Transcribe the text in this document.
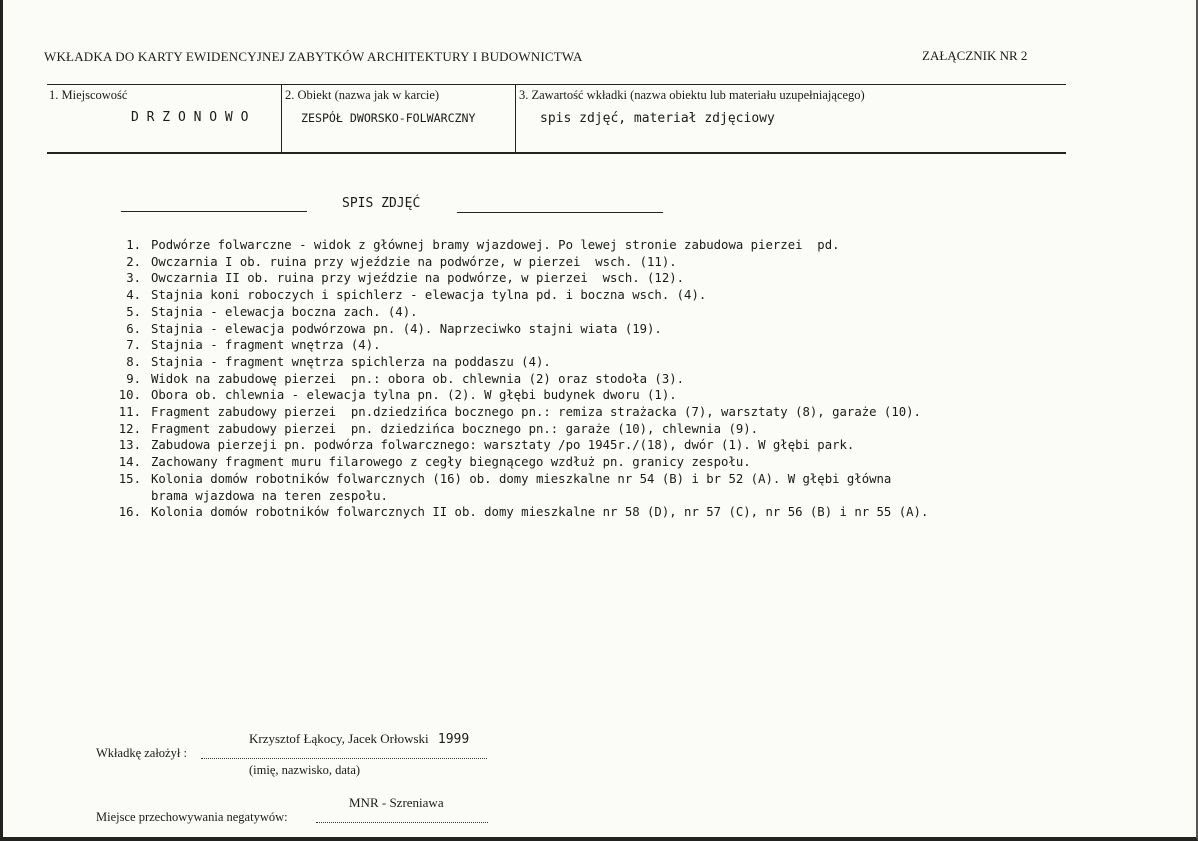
WKŁADKA DO KARTY EWIDENCYJNEJ ZABYTKÓW ARCHITEKTURY I BUDOWNICTWA	ZAŁĄCZNIK NR 2
1. Miejscowość
D R Z O N O W O
2. Obiekt (nazwa jak w karcie)
ZESPÓŁ DWORSKO-FOLWARCZNY
3. Zawartość wkładki (nazwa obiektu lub materiału uzupełniającego)
spis zdjęć, materiał zdjęciowy
SPIS ZDJĘĆ
1. Podwórze folwarczne - widok z głównej bramy wjazdowej. Po lewej stronie zabudowa pierzei  pd.
2. Owczarnia I ob. ruina przy wjeździe na podwórze, w pierzei  wsch. (11).
3. Owczarnia II ob. ruina przy wjeździe na podwórze, w pierzei  wsch. (12).
4. Stajnia koni roboczych i spichlerz - elewacja tylna pd. i boczna wsch. (4).
5. Stajnia - elewacja boczna zach. (4).
6. Stajnia - elewacja podwórzowa pn. (4). Naprzeciwko stajni wiata (19).
7. Stajnia - fragment wnętrza (4).
8. Stajnia - fragment wnętrza spichlerza na poddaszu (4).
9. Widok na zabudowę pierzei  pn.: obora ob. chlewnia (2) oraz stodoła (3).
10. Obora ob. chlewnia - elewacja tylna pn. (2). W głębi budynek dworu (1).
11. Fragment zabudowy pierzei  pn.dziedzińca bocznego pn.: remiza strażacka (7), warsztaty (8), garaże (10).
12. Fragment zabudowy pierzei  pn. dziedzińca bocznego pn.: garaże (10), chlewnia (9).
13. Zabudowa pierzeji pn. podwórza folwarcznego: warsztaty /po 1945r./(18), dwór (1). W głębi park.
14. Zachowany fragment muru filarowego z cegły biegnącego wzdłuż pn. granicy zespołu.
15. Kolonia domów robotników folwarcznych (16) ob. domy mieszkalne nr 54 (B) i br 52 (A). W głębi główna
brama wjazdowa na teren zespołu.
16. Kolonia domów robotników folwarcznych II ob. domy mieszkalne nr 58 (D), nr 57 (C), nr 56 (B) i nr 55 (A).
Krzysztof Łąkocy, Jacek Orłowski 1999
Wkładkę założył :
(imię, nazwisko, data)
MNR - Szreniawa
Miejsce przechowywania negatywów:
